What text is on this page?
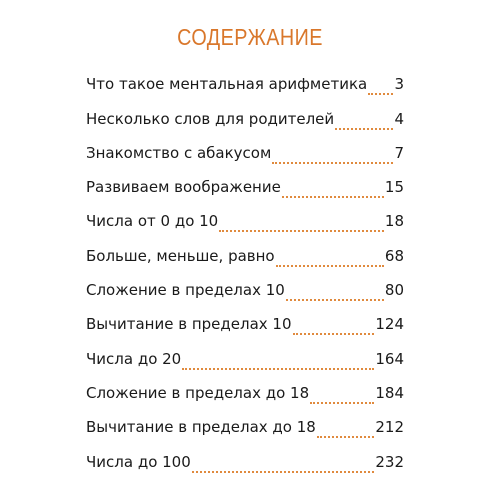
СОДЕРЖАНИЕ
Что такое ментальная арифметика 3
Несколько слов для родителей	4
Знакомство с абакусом	7
Развиваем воображение	15
Числа от 0 до 10	18
Больше, меньше, равно	68
Сложение в пределах 10	80
Вычитание в пределах 10	124
Числа до 20	164
Сложение в пределах до 18	184
Вычитание в пределах до 18	212
Числа до 100	232
